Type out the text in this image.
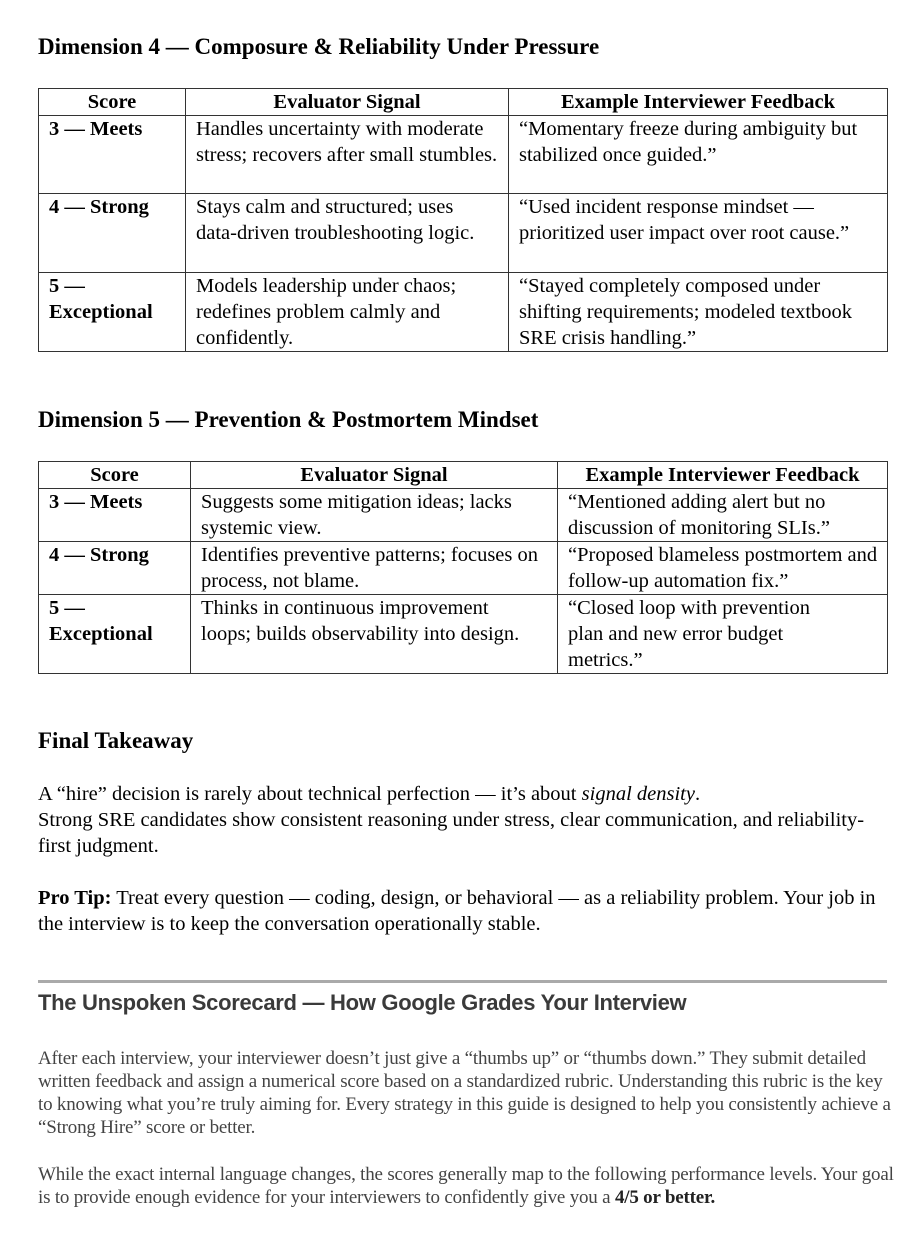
Dimension 4 — Composure & Reliability Under Pressure
Score	Evaluator Signal	Example Interviewer Feedback
3 — Meets	Handles uncertainty with moderate stress; recovers after small stumbles.	“Momentary freeze during ambiguity but stabilized once guided.”
4 — Strong	Stays calm and structured; uses data-driven troubleshooting logic.	“Used incident response mindset — prioritized user impact over root cause.”
5 — Exceptional	Models leadership under chaos; redefines problem calmly and confidently.	“Stayed completely composed under shifting requirements; modeled textbook SRE crisis handling.”
Dimension 5 — Prevention & Postmortem Mindset
Score	Evaluator Signal	Example Interviewer Feedback
3 — Meets	Suggests some mitigation ideas; lacks systemic view.	“Mentioned adding alert but no discussion of monitoring SLIs.”
4 — Strong	Identifies preventive patterns; focuses on process, not blame.	“Proposed blameless postmortem and follow-up automation fix.”
5 — Exceptional	Thinks in continuous improvement loops; builds observability into design.	“Closed loop with prevention plan and new error budget metrics.”
Final Takeaway

A “hire” decision is rarely about technical perfection — it’s about signal density.
Strong SRE candidates show consistent reasoning under stress, clear communication, and reliability-first judgment.

Pro Tip: Treat every question — coding, design, or behavioral — as a reliability problem. Your job in the interview is to keep the conversation operationally stable.

The Unspoken Scorecard — How Google Grades Your Interview

After each interview, your interviewer doesn’t just give a “thumbs up” or “thumbs down.” They submit detailed written feedback and assign a numerical score based on a standardized rubric. Understanding this rubric is the key to knowing what you’re truly aiming for. Every strategy in this guide is designed to help you consistently achieve a “Strong Hire” score or better.

While the exact internal language changes, the scores generally map to the following performance levels. Your goal is to provide enough evidence for your interviewers to confidently give you a 4/5 or better.
